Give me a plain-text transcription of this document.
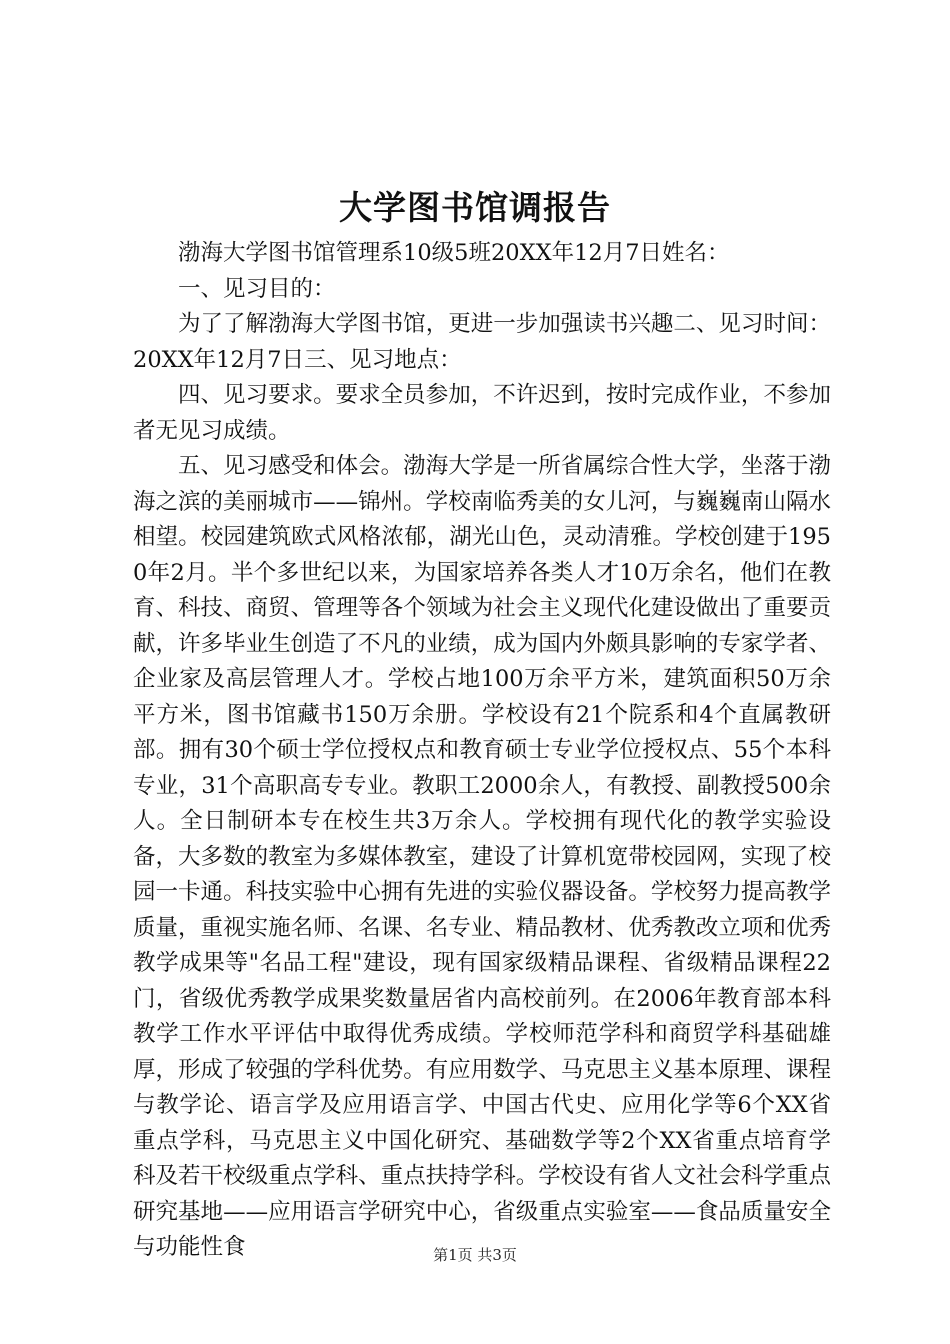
大学图书馆调报告

渤海大学图书馆管理系10级5班20XX年12月7日姓名：

一、见习目的：

为了了解渤海大学图书馆，更进一步加强读书兴趣二、见习时间：20XX年12月7日三、见习地点：

四、见习要求。要求全员参加，不许迟到，按时完成作业，不参加者无见习成绩。

五、见习感受和体会。渤海大学是一所省属综合性大学，坐落于渤海之滨的美丽城市——锦州。学校南临秀美的女儿河，与巍巍南山隔水相望。校园建筑欧式风格浓郁，湖光山色，灵动清雅。学校创建于1950年2月。半个多世纪以来，为国家培养各类人才10万余名，他们在教育、科技、商贸、管理等各个领域为社会主义现代化建设做出了重要贡献，许多毕业生创造了不凡的业绩，成为国内外颇具影响的专家学者、企业家及高层管理人才。学校占地100万余平方米，建筑面积50万余平方米，图书馆藏书150万余册。学校设有21个院系和4个直属教研部。拥有30个硕士学位授权点和教育硕士专业学位授权点、55个本科专业，31个高职高专专业。教职工2000余人，有教授、副教授500余人。全日制研本专在校生共3万余人。学校拥有现代化的教学实验设备，大多数的教室为多媒体教室，建设了计算机宽带校园网，实现了校园一卡通。科技实验中心拥有先进的实验仪器设备。学校努力提高教学质量，重视实施名师、名课、名专业、精品教材、优秀教改立项和优秀教学成果等"名品工程"建设，现有国家级精品课程、省级精品课程22门，省级优秀教学成果奖数量居省内高校前列。在2006年教育部本科教学工作水平评估中取得优秀成绩。学校师范学科和商贸学科基础雄厚，形成了较强的学科优势。有应用数学、马克思主义基本原理、课程与教学论、语言学及应用语言学、中国古代史、应用化学等6个XX省重点学科，马克思主义中国化研究、基础数学等2个XX省重点培育学科及若干校级重点学科、重点扶持学科。学校设有省人文社会科学重点研究基地——应用语言学研究中心，省级重点实验室——食品质量安全与功能性食	第1页 共3页
